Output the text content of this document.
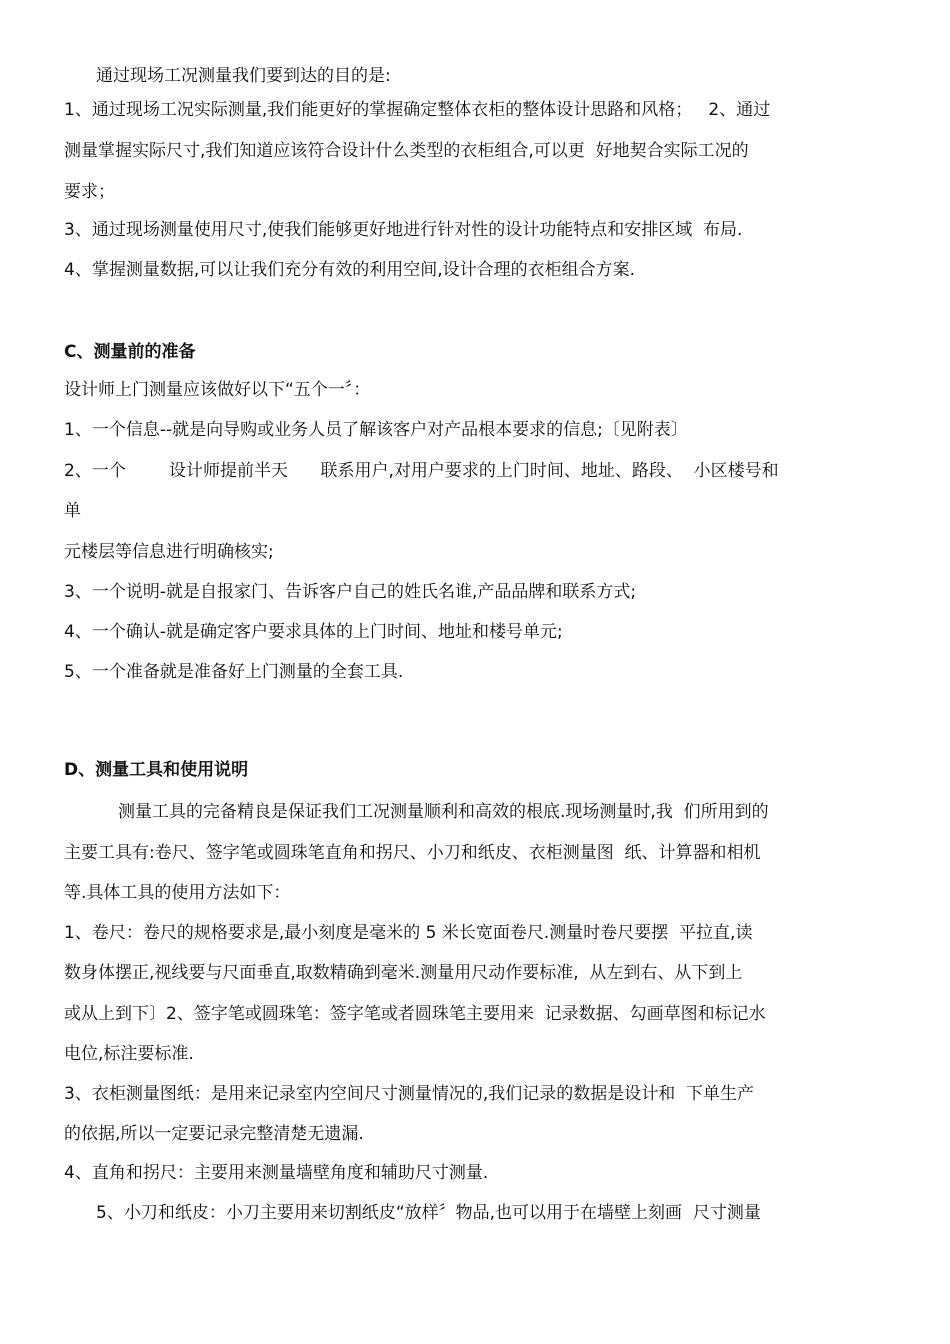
通过现场工况测量我们要到达的目的是:
1、通过现场工况实际测量,我们能更好的掌握确定整体衣柜的整体设计思路和风格；   2、通过
测量掌握实际尺寸,我们知道应该符合设计什么类型的衣柜组合,可以更  好地契合实际工况的
要求；
3、通过现场测量使用尺寸,使我们能够更好地进行针对性的设计功能特点和安排区域  布局.
4、掌握测量数据,可以让我们充分有效的利用空间,设计合理的衣柜组合方案.
C、测量前的准备
设计师上门测量应该做好以下“五个一〞：
1、一个信息--就是向导购或业务人员了解该客户对产品根本要求的信息;〔见附表〕
2、一个        设计师提前半天      联系用户,对用户要求的上门时间、地址、路段、  小区楼号和
单
元楼层等信息进行明确核实;
3、一个说明-就是自报家门、告诉客户自己的姓氏名谁,产品品牌和联系方式;
4、一个确认-就是确定客户要求具体的上门时间、地址和楼号单元;
5、一个准备就是准备好上门测量的全套工具.
D、测量工具和使用说明
测量工具的完备精良是保证我们工况测量顺利和高效的根底.现场测量时,我  们所用到的
主要工具有:卷尺、签字笔或圆珠笔直角和拐尺、小刀和纸皮、衣柜测量图  纸、计算器和相机
等.具体工具的使用方法如下：
1、卷尺：卷尺的规格要求是,最小刻度是毫米的 5 米长宽面卷尺.测量时卷尺要摆  平拉直,读
数身体摆正,视线要与尺面垂直,取数精确到毫米.测量用尺动作要标准,  从左到右、从下到上
或从上到下〕2、签字笔或圆珠笔：签字笔或者圆珠笔主要用来  记录数据、勾画草图和标记水
电位,标注要标准.
3、衣柜测量图纸：是用来记录室内空间尺寸测量情况的,我们记录的数据是设计和  下单生产
的依据,所以一定要记录完整清楚无遗漏.
4、直角和拐尺：主要用来测量墙壁角度和辅助尺寸测量.
5、小刀和纸皮：小刀主要用来切割纸皮“放样〞物品,也可以用于在墙壁上刻画  尺寸测量
